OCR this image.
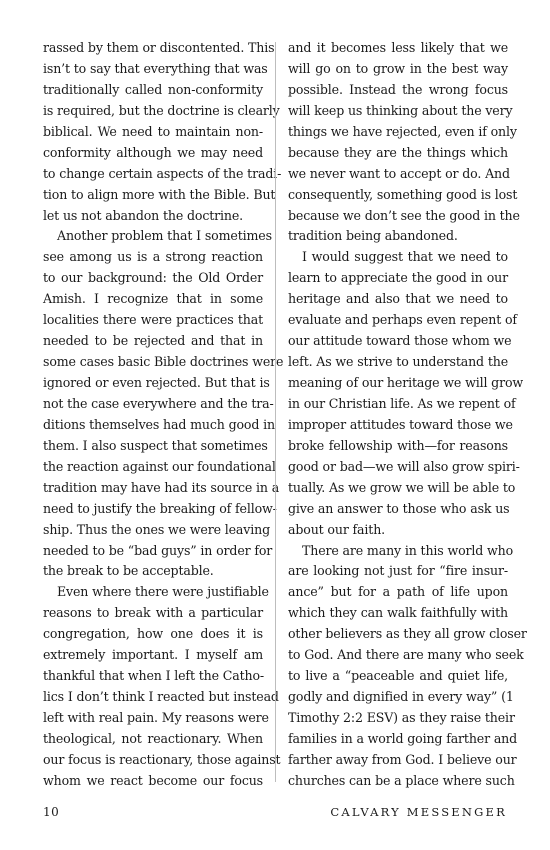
rassed by them or discontented. This
isn’t to say that everything that was
traditionally called non-conformity
is required, but the doctrine is clearly
biblical. We need to maintain non-
conformity although we may need
to change certain aspects of the tradi-
tion to align more with the Bible. But
let us not abandon the doctrine.
Another problem that I sometimes
see among us is a strong reaction
to our background: the Old Order
Amish. I recognize that in some
localities there were practices that
needed to be rejected and that in
some cases basic Bible doctrines were
ignored or even rejected. But that is
not the case everywhere and the tra-
ditions themselves had much good in
them. I also suspect that sometimes
the reaction against our foundational
tradition may have had its source in a
need to justify the breaking of fellow-
ship. Thus the ones we were leaving
needed to be “bad guys” in order for
the break to be acceptable.
Even where there were justifiable
reasons to break with a particular
congregation, how one does it is
extremely important. I myself am
thankful that when I left the Catho-
lics I don’t think I reacted but instead
left with real pain. My reasons were
theological, not reactionary. When
our focus is reactionary, those against
whom we react become our focus
and it becomes less likely that we
will go on to grow in the best way
possible. Instead the wrong focus
will keep us thinking about the very
things we have rejected, even if only
because they are the things which
we never want to accept or do. And
consequently, something good is lost
because we don’t see the good in the
tradition being abandoned.
I would suggest that we need to
learn to appreciate the good in our
heritage and also that we need to
evaluate and perhaps even repent of
our attitude toward those whom we
left. As we strive to understand the
meaning of our heritage we will grow
in our Christian life. As we repent of
improper attitudes toward those we
broke fellowship with—for reasons
good or bad—we will also grow spiri-
tually. As we grow we will be able to
give an answer to those who ask us
about our faith.
There are many in this world who
are looking not just for “fire insur-
ance” but for a path of life upon
which they can walk faithfully with
other believers as they all grow closer
to God. And there are many who seek
to live a “peaceable and quiet life,
godly and dignified in every way” (1
Timothy 2:2 ESV) as they raise their
families in a world going farther and
farther away from God. I believe our
churches can be a place where such
10	CALVARY MESSENGER
